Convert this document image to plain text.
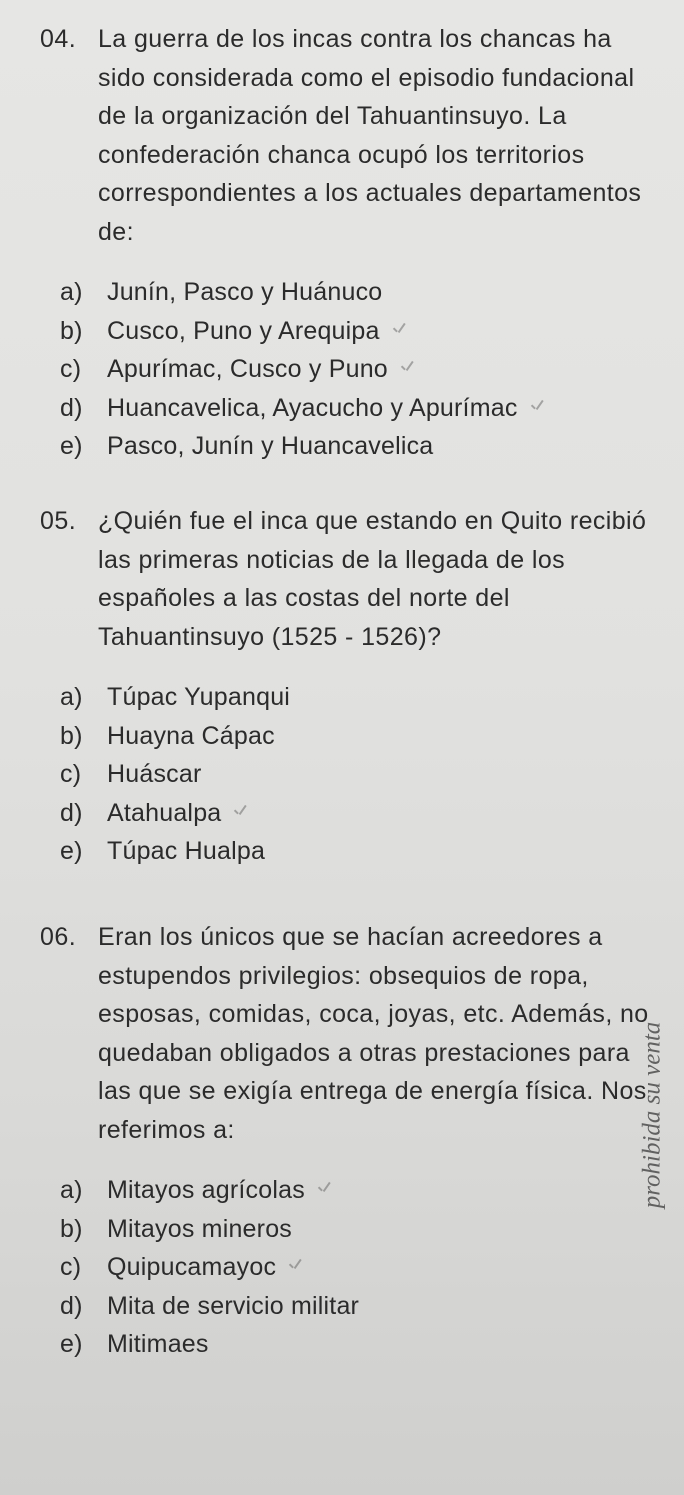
04. La guerra de los incas contra los chancas ha sido considerada como el episodio fundacional de la organización del Tahuantinsuyo. La confederación chanca ocupó los territorios correspondientes a los actuales departamentos de:
a) Junín, Pasco y Huánuco
b) Cusco, Puno y Arequipa
c)	Apurímac, Cusco y Puno
d) Huancavelica, Ayacucho y Apurímac
e) Pasco, Junín y Huancavelica
05. ¿Quién fue el inca que estando en Quito recibió las primeras noticias de la llegada de los españoles a las costas del norte del Tahuantinsuyo (1525 - 1526)?
a) Túpac Yupanqui
b) Huayna Cápac
c)	Huáscar
d) Atahualpa
e) Túpac Hualpa
06. Eran los únicos que se hacían acreedores a estupendos privilegios: obsequios de ropa, esposas, comidas, coca, joyas, etc. Además, no quedaban obligados a otras prestaciones para las que se exigía entrega de energía física. Nos referimos a:
a) Mitayos agrícolas
b) Mitayos mineros
c)	Quipucamayoc
d) Mita de servicio militar
e) Mitimaes
prohibida su venta
